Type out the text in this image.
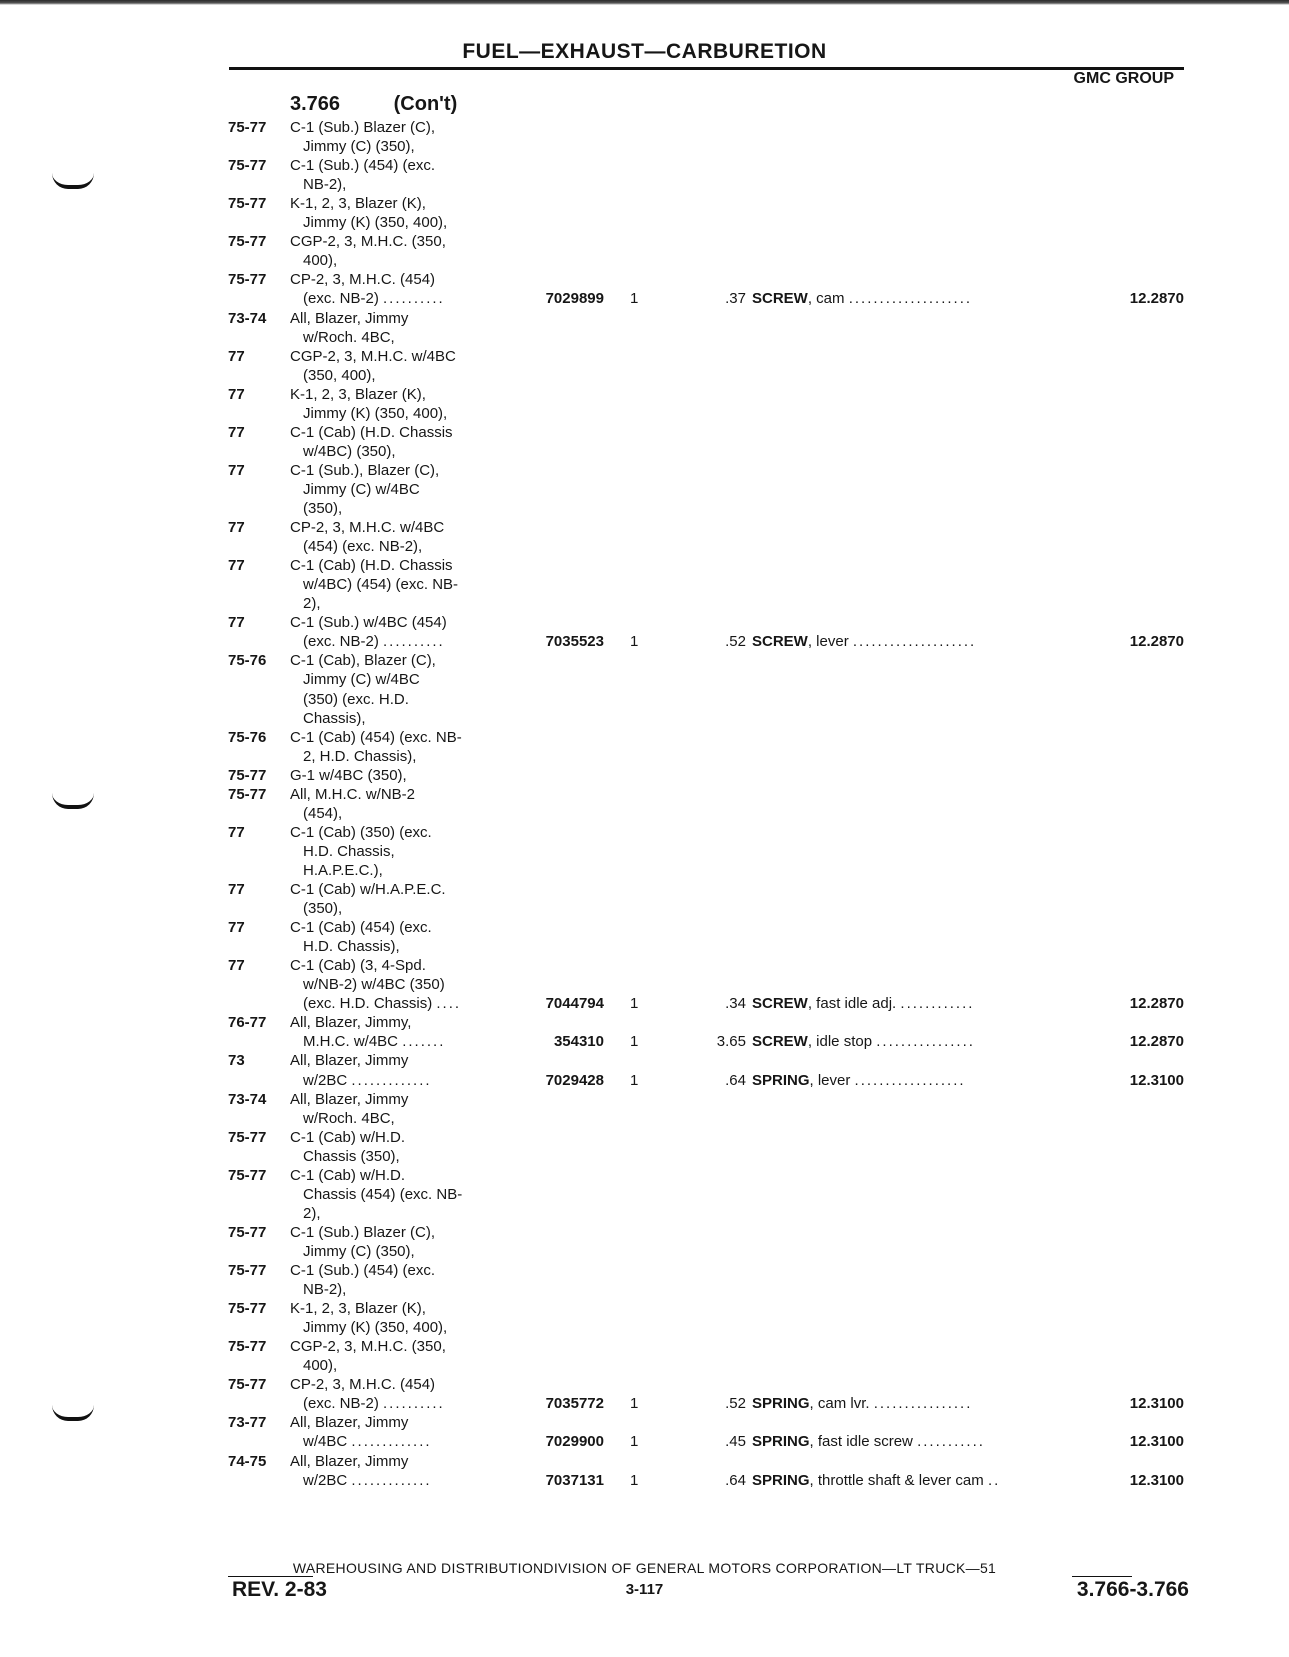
FUEL—EXHAUST—CARBURETION
GMC GROUP
3.766	(Con't)
75-77 C-1 (Sub.) Blazer (C),
Jimmy (C) (350),
75-77 C-1 (Sub.) (454) (exc.
NB-2),
75-77 K-1, 2, 3, Blazer (K),
Jimmy (K) (350, 400),
75-77 CGP-2, 3, M.H.C. (350,
400),
75-77 CP-2, 3, M.H.C. (454)
(exc. NB-2) ..........	7029899 1	.37 SCREW, cam ....................	12.2870
73-74 All, Blazer, Jimmy
w/Roch. 4BC,
77	CGP-2, 3, M.H.C. w/4BC
(350, 400),
77	K-1, 2, 3, Blazer (K),
Jimmy (K) (350, 400),
77	C-1 (Cab) (H.D. Chassis
w/4BC) (350),
77	C-1 (Sub.), Blazer (C),
Jimmy (C) w/4BC
(350),
77	CP-2, 3, M.H.C. w/4BC
(454) (exc. NB-2),
77	C-1 (Cab) (H.D. Chassis
w/4BC) (454) (exc. NB-
2),
77	C-1 (Sub.) w/4BC (454)
(exc. NB-2) ..........	7035523 1	.52 SCREW, lever ....................	12.2870
75-76 C-1 (Cab), Blazer (C),
Jimmy (C) w/4BC
(350) (exc. H.D.
Chassis),
75-76 C-1 (Cab) (454) (exc. NB-
2, H.D. Chassis),
75-77 G-1 w/4BC (350),
75-77 All, M.H.C. w/NB-2
(454),
77	C-1 (Cab) (350) (exc.
H.D. Chassis,
H.A.P.E.C.),
77	C-1 (Cab) w/H.A.P.E.C.
(350),
77	C-1 (Cab) (454) (exc.
H.D. Chassis),
77	C-1 (Cab) (3, 4-Spd.
w/NB-2) w/4BC (350)
(exc. H.D. Chassis) ....	7044794 1	.34 SCREW, fast idle adj. ............	12.2870
76-77 All, Blazer, Jimmy,
M.H.C. w/4BC .......	354310 1	3.65 SCREW, idle stop ................	12.2870
73	All, Blazer, Jimmy
w/2BC .............	7029428 1	.64 SPRING, lever ..................	12.3100
73-74 All, Blazer, Jimmy
w/Roch. 4BC,
75-77 C-1 (Cab) w/H.D.
Chassis (350),
75-77 C-1 (Cab) w/H.D.
Chassis (454) (exc. NB-
2),
75-77 C-1 (Sub.) Blazer (C),
Jimmy (C) (350),
75-77 C-1 (Sub.) (454) (exc.
NB-2),
75-77 K-1, 2, 3, Blazer (K),
Jimmy (K) (350, 400),
75-77 CGP-2, 3, M.H.C. (350,
400),
75-77 CP-2, 3, M.H.C. (454)
(exc. NB-2) ..........	7035772 1	.52 SPRING, cam lvr. ................	12.3100
73-77 All, Blazer, Jimmy
w/4BC .............	7029900 1	.45 SPRING, fast idle screw ...........	12.3100
74-75 All, Blazer, Jimmy
w/2BC .............	7037131 1	.64 SPRING, throttle shaft & lever cam ..	12.3100
WAREHOUSING AND DISTRIBUTIONDIVISION OF GENERAL MOTORS CORPORATION—LT TRUCK—51
REV. 2-83	3-117	3.766-3.766
